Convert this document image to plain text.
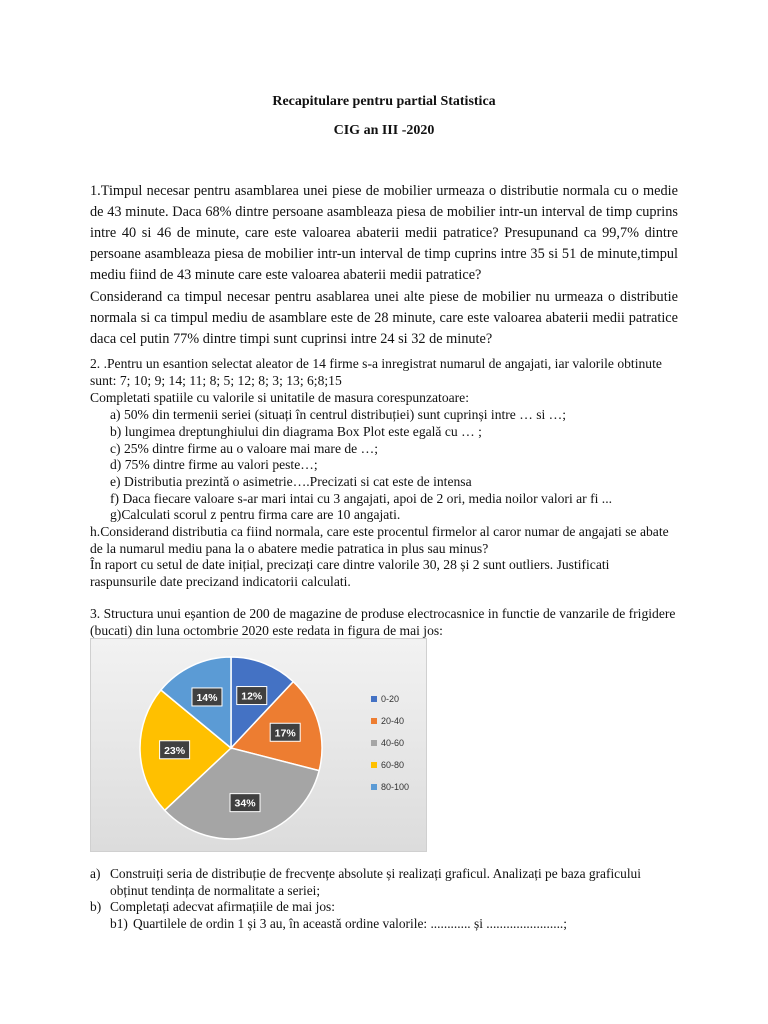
Recapitulare pentru partial Statistica
CIG an III -2020

1.Timpul necesar pentru asamblarea unei piese de mobilier urmeaza o distributie normala cu o medie de 43 minute. Daca 68% dintre persoane asambleaza piesa de mobilier intr-un interval de timp cuprins intre 40 si 46 de minute, care este valoarea abaterii medii patratice? Presupunand ca 99,7% dintre persoane asambleaza piesa de mobilier intr-un interval de timp cuprins intre 35 si 51 de minute,timpul mediu fiind de 43 minute care este valoarea abaterii medii patratice?

Considerand ca timpul necesar pentru asablarea unei alte piese de mobilier nu urmeaza o distributie normala si ca timpul mediu de asamblare este de 28 minute, care este valoarea abaterii medii patratice daca cel putin 77% dintre timpi sunt cuprinsi intre 24 si 32 de minute?

2. .Pentru un esantion selectat aleator de 14 firme s-a inregistrat numarul de angajati, iar valorile obtinute

sunt: 7; 10; 9; 14; 11; 8; 5; 12; 8; 3; 13; 6;8;15

Completati spatiile cu valorile si unitatile de masura corespunzatoare:

a) 50% din termenii seriei (situați în centrul distribuției) sunt cuprinși intre … si …;

b) lungimea dreptunghiului din diagrama Box Plot este egală cu … ;

c) 25% dintre firme au o valoare mai mare de …;

d) 75% dintre firme au valori peste…;

e) Distributia prezintă o asimetrie….Precizati si cat este de intensa

f) Daca fiecare valoare s-ar mari intai cu 3 angajati, apoi de 2 ori, media noilor valori ar fi ...

g)Calculati scorul z pentru firma care are 10 angajati.

h.Considerand distributia ca fiind normala, care este procentul firmelor al caror numar de angajati se abate

de la numarul mediu pana la o abatere medie patratica in plus sau minus?

În raport cu setul de date inițial, precizați care dintre valorile 30, 28 și 2 sunt outliers. Justificati

raspunsurile date precizand indicatorii calculati.

3. Structura unui eșantion de 200 de magazine de produse electrocasnice in functie de vanzarile de frigidere

(bucati) din luna octombrie 2020 este redata in figura de mai jos:

12%
17%
34%
23%
14%	0-20
20-40
40-60
60-80
80-100

a) Construiți seria de distribuție de frecvențe absolute și realizați graficul. Analizați pe baza graficului

obținut tendința de normalitate a seriei;

b) Completați adecvat afirmațiile de mai jos:

b1) Quartilele de ordin 1 și 3 au, în această ordine valorile: ............ și .......................;
